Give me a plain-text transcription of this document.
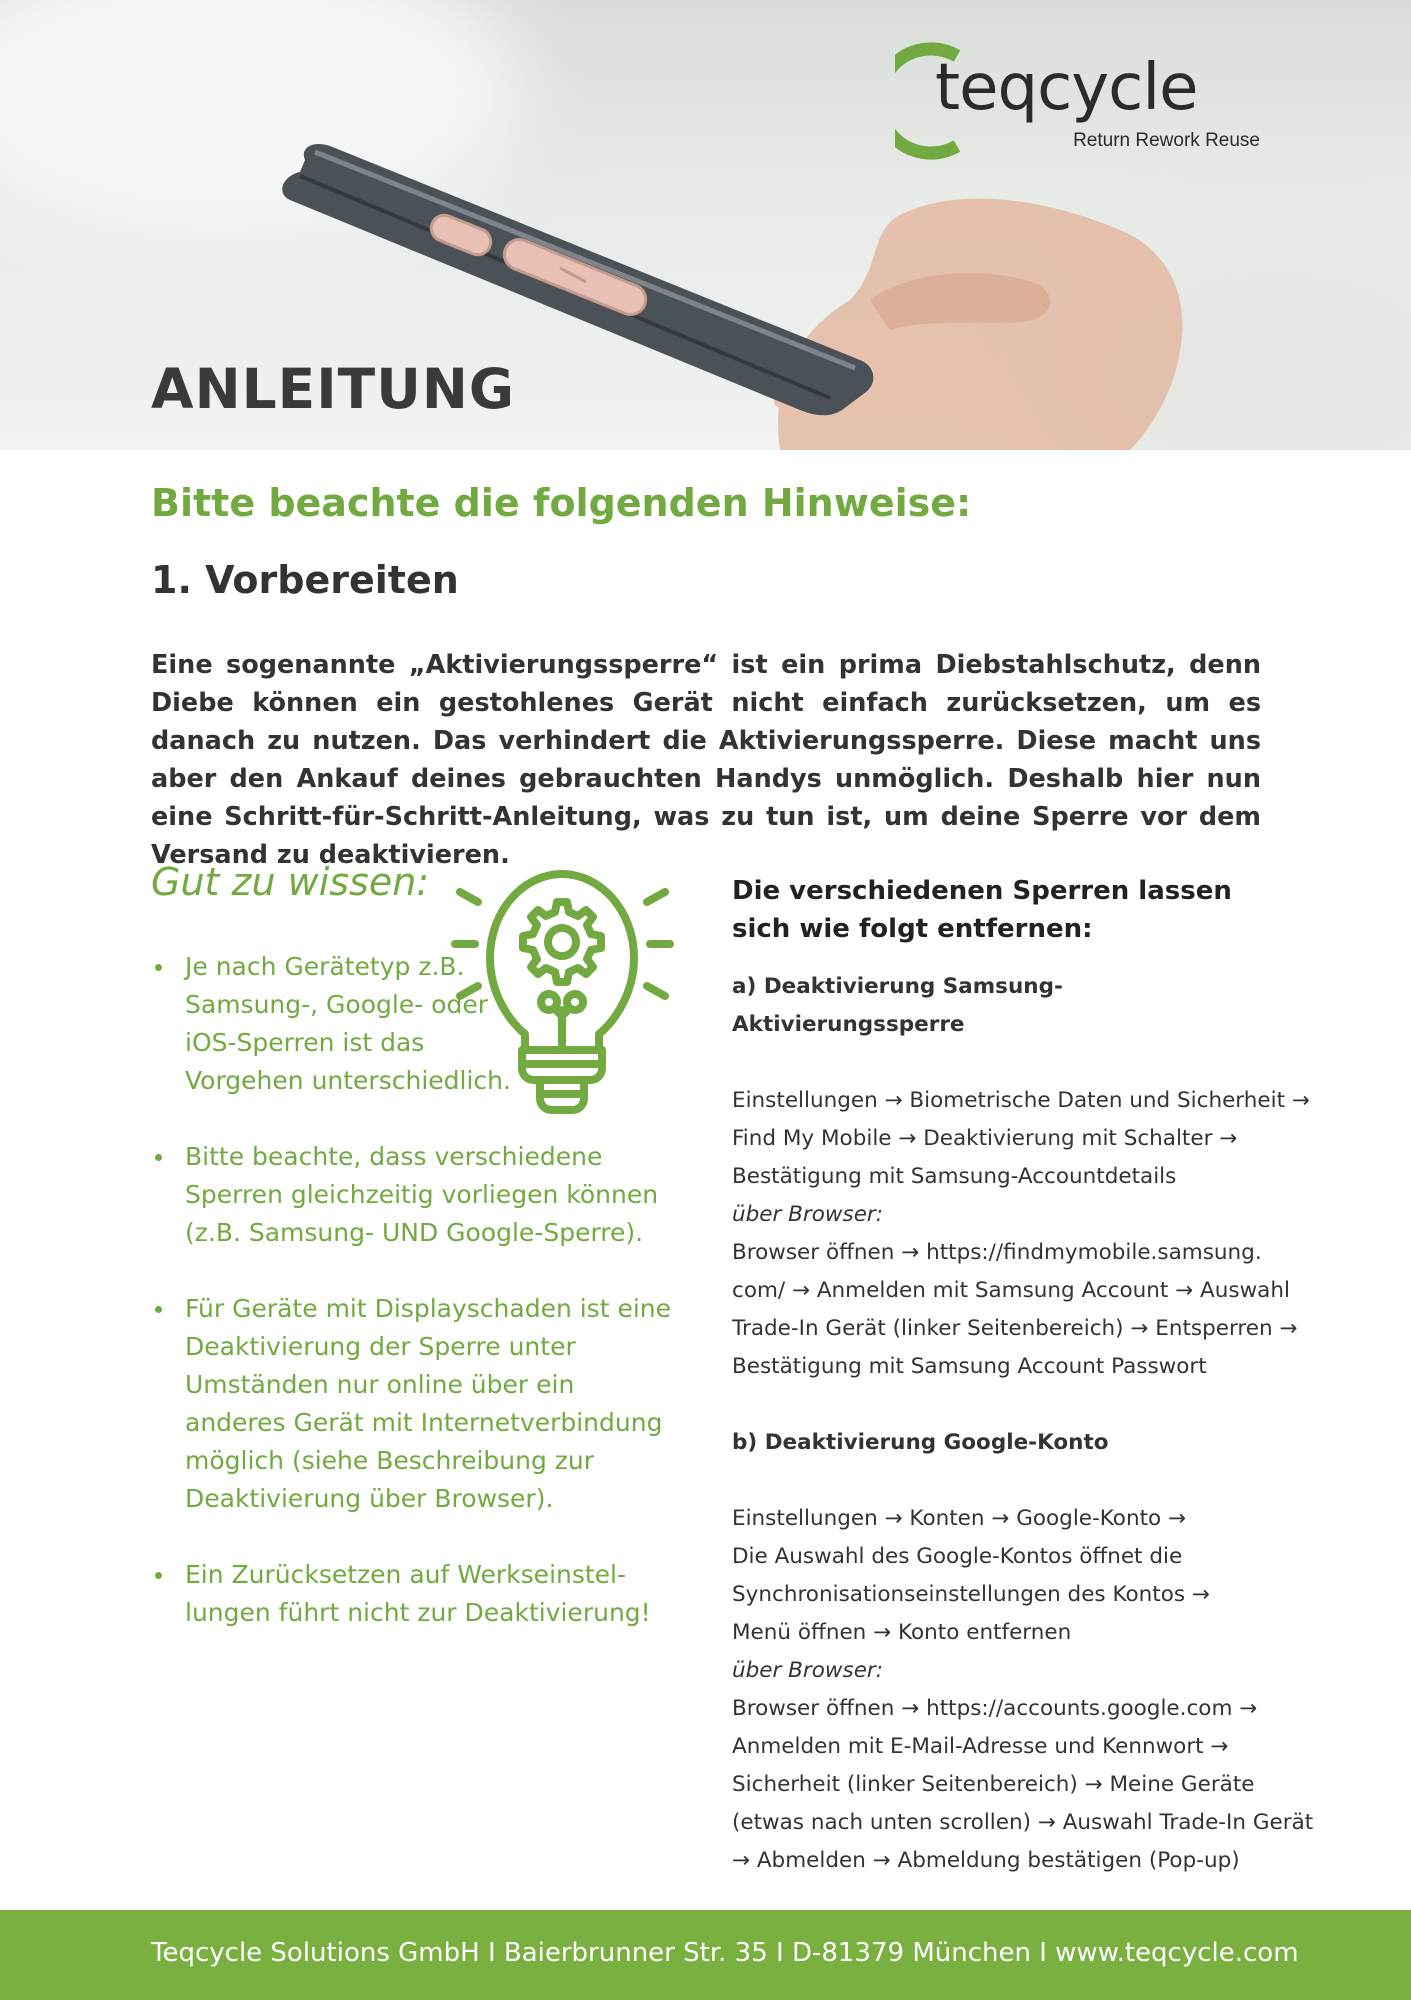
teqcycle

Return Rework Reuse
ANLEITUNG
Bitte beachte die folgenden Hinweise:
1. Vorbereiten

Eine sogenannte „Aktivierungssperre“ ist ein prima Diebstahlschutz, denn Diebe können ein gestohlenes Gerät nicht einfach zurücksetzen, um es danach zu nutzen. Das verhindert die Aktivierungssperre. Diese macht uns aber den Ankauf deines gebrauchten Handys unmöglich. Deshalb hier nun eine Schritt-für-Schritt-Anleitung, was zu tun ist, um deine Sperre vor dem Versand zu deaktivieren.

Gut zu wissen:
Je nach Gerätetyp z.B. Samsung-, Google- oder iOS-Sperren ist das Vorgehen unterschiedlich.
Bitte beachte, dass verschiedene Sperren gleichzeitig vorliegen können (z.B. Samsung- UND Google-Sperre).
Für Geräte mit Displayschaden ist eine Deaktivierung der Sperre unter Umständen nur online über ein anderes Gerät mit Internetverbindung möglich (siehe Beschreibung zur Deaktivierung über Browser).
Ein Zurücksetzen auf Werkseinstel-lungen führt nicht zur Deaktivierung!
Die verschiedenen Sperren lassen
sich wie folgt entfernen:
a) Deaktivierung Samsung-Aktivierungssperre
Einstellungen → Biometrische Daten und Sicherheit →
Find My Mobile → Deaktivierung mit Schalter →
Bestätigung mit Samsung-Accountdetails
über Browser:
Browser öffnen → https://findmymobile.samsung.
com/ → Anmelden mit Samsung Account → Auswahl
Trade-In Gerät (linker Seitenbereich) → Entsperren →
Bestätigung mit Samsung Account Passwort
b) Deaktivierung Google-Konto
Einstellungen → Konten → Google-Konto →
Die Auswahl des Google-Kontos öffnet die
Synchronisationseinstellungen des Kontos →
Menü öffnen → Konto entfernen
über Browser:
Browser öffnen → https://accounts.google.com →
Anmelden mit E-Mail-Adresse und Kennwort →
Sicherheit (linker Seitenbereich) → Meine Geräte
(etwas nach unten scrollen) → Auswahl Trade-In Gerät
→ Abmelden → Abmeldung bestätigen (Pop-up)

Teqcycle Solutions GmbH I Baierbrunner Str. 35 I D-81379 München I www.teqcycle.com
